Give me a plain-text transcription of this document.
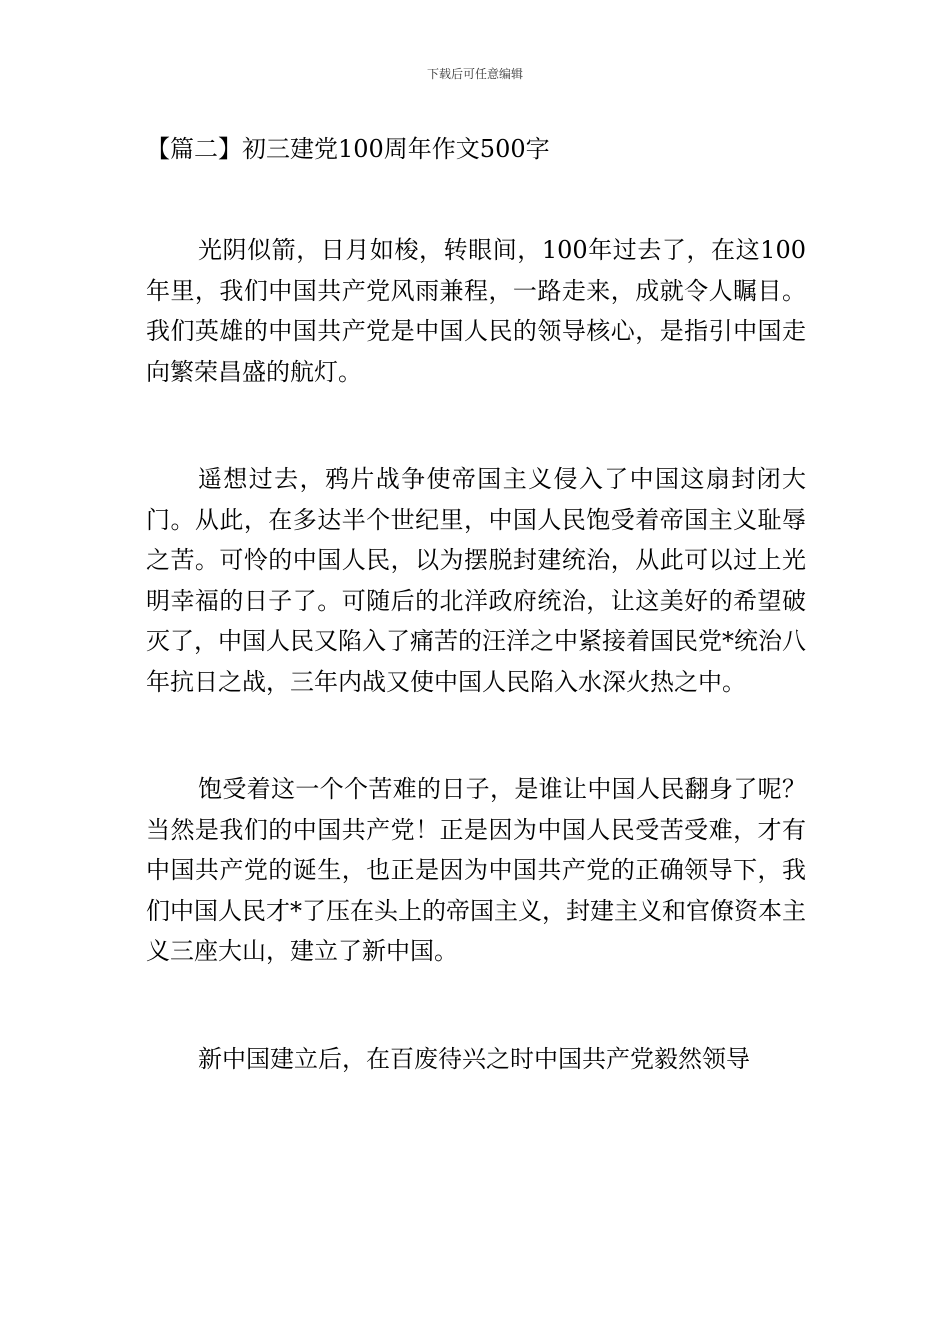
下载后可任意编辑
【篇二】初三建党100周年作文500字

光阴似箭，日月如梭，转眼间，100年过去了，在这100年里，我们中国共产党风雨兼程，一路走来，成就令人瞩目。我们英雄的中国共产党是中国人民的领导核心，是指引中国走向繁荣昌盛的航灯。

遥想过去，鸦片战争使帝国主义侵入了中国这扇封闭大门。从此，在多达半个世纪里，中国人民饱受着帝国主义耻辱之苦。可怜的中国人民，以为摆脱封建统治，从此可以过上光明幸福的日子了。可随后的北洋政府统治，让这美好的希望破灭了，中国人民又陷入了痛苦的汪洋之中紧接着国民党*统治八年抗日之战，三年内战又使中国人民陷入水深火热之中。

饱受着这一个个苦难的日子，是谁让中国人民翻身了呢？当然是我们的中国共产党！正是因为中国人民受苦受难，才有中国共产党的诞生，也正是因为中国共产党的正确领导下，我们中国人民才*了压在头上的帝国主义，封建主义和官僚资本主义三座大山，建立了新中国。

新中国建立后，在百废待兴之时中国共产党毅然领导
